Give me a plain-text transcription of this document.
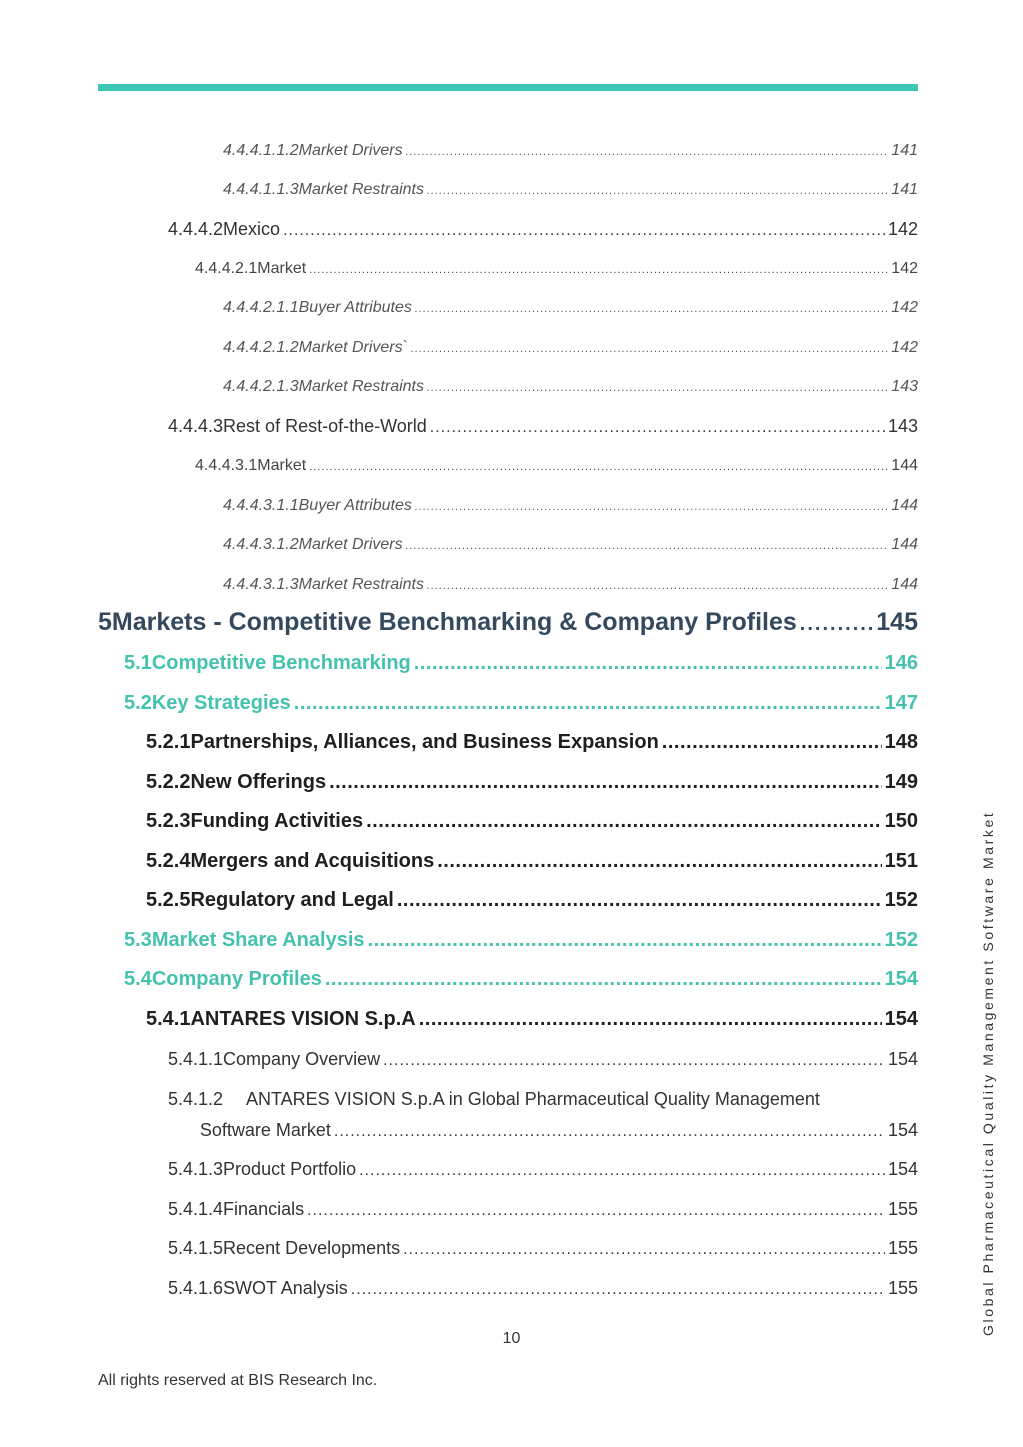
4.4.4.1.1.2 Market Drivers .....	141
4.4.4.1.1.3 Market Restraints .....	141
4.4.4.2 Mexico .....	142
4.4.4.2.1 Market .....	142
4.4.4.2.1.1 Buyer Attributes .....	142
4.4.4.2.1.2 Market Drivers` .....	142
4.4.4.2.1.3 Market Restraints .....	143
4.4.4.3 Rest of Rest-of-the-World .....	143
4.4.4.3.1 Market .....	144
4.4.4.3.1.1 Buyer Attributes .....	144
4.4.4.3.1.2 Market Drivers .....	144
4.4.4.3.1.3 Market Restraints .....	144
5 Markets - Competitive Benchmarking & Company Profiles .....	145
5.1 Competitive Benchmarking .....	146
5.2 Key Strategies .....	147
5.2.1 Partnerships, Alliances, and Business Expansion .....	148
5.2.2 New Offerings .....	149
5.2.3 Funding Activities .....	150
5.2.4 Mergers and Acquisitions .....	151
5.2.5 Regulatory and Legal .....	152
5.3 Market Share Analysis .....	152
5.4 Company Profiles .....	154
5.4.1 ANTARES VISION S.p.A .....	154
5.4.1.1 Company Overview .....	154
5.4.1.2 ANTARES VISION S.p.A in Global Pharmaceutical Quality Management
Software Market .....	154
5.4.1.3 Product Portfolio .....	154
5.4.1.4 Financials .....	155
5.4.1.5 Recent Developments .....	155
5.4.1.6 SWOT Analysis .....	155
10
All rights reserved at BIS Research Inc.
Global Pharmaceutical Quality Management Software Market
